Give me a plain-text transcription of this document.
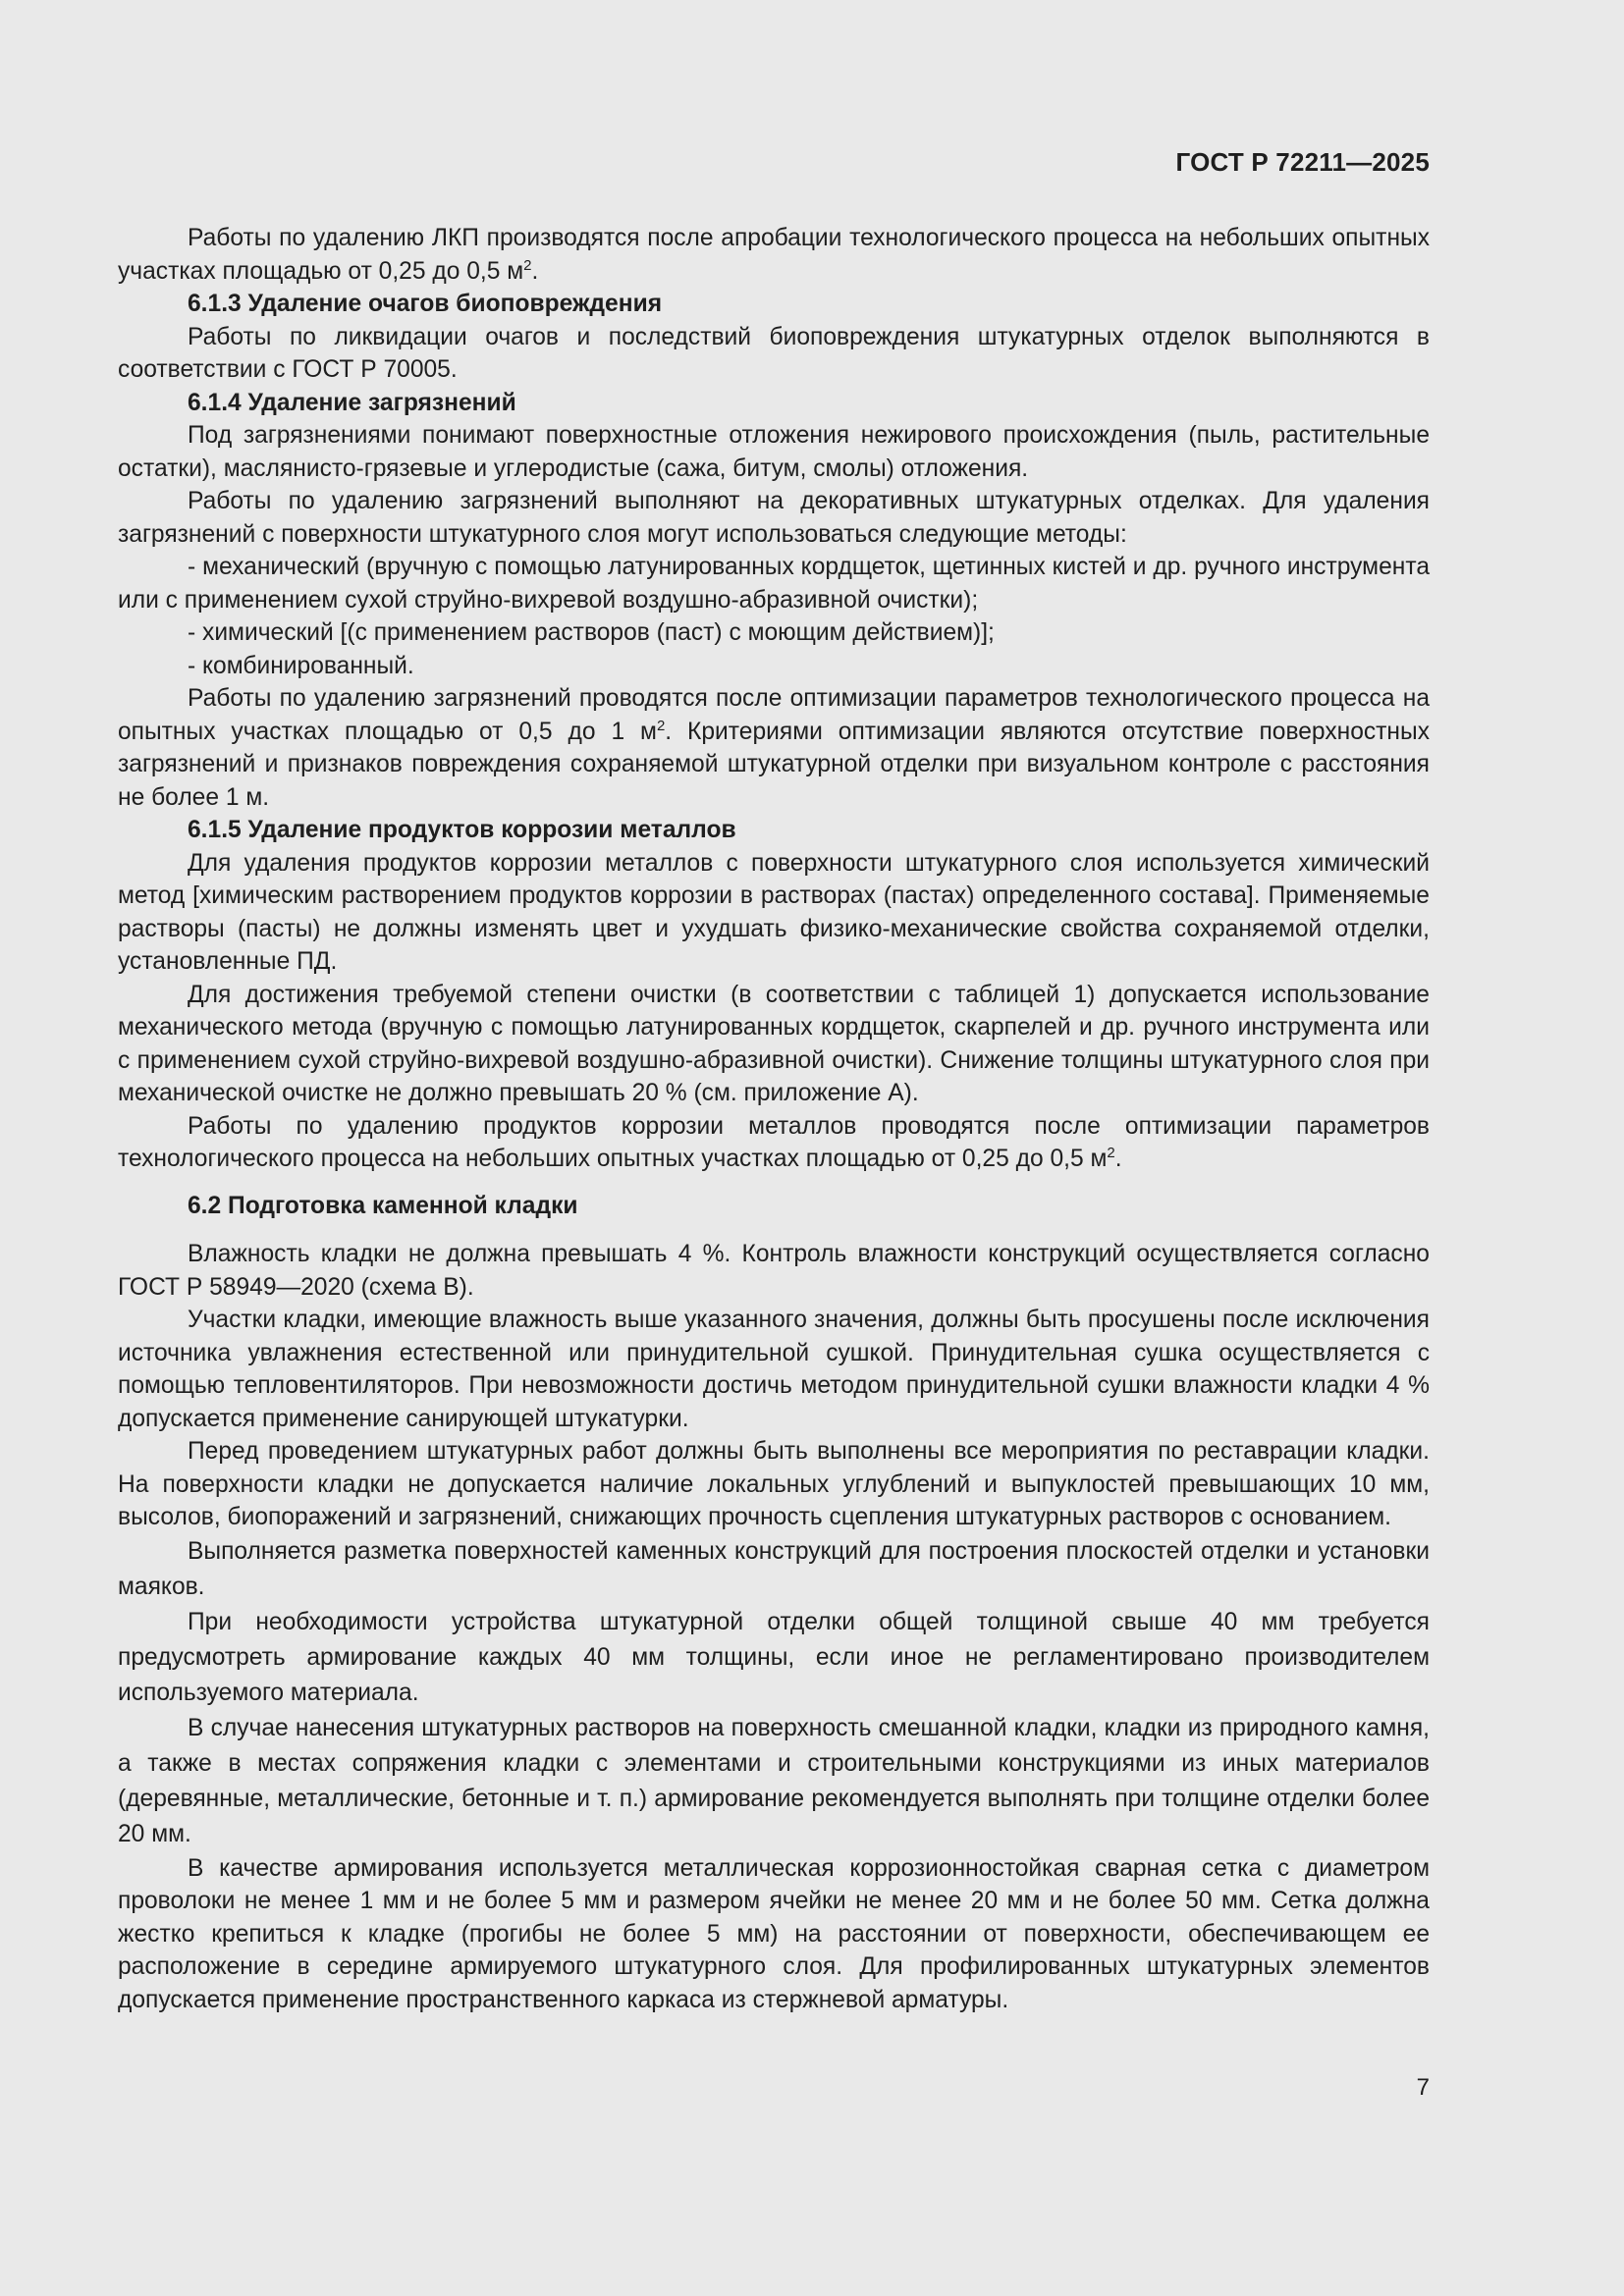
ГОСТ Р 72211—2025

Работы по удалению ЛКП производятся после апробации технологического процесса на небольших опытных участках площадью от 0,25 до 0,5 $м^2$.

6.1.3 Удаление очагов биоповреждения

Работы по ликвидации очагов и последствий биоповреждения штукатурных отделок выполняются в соответствии с ГОСТ Р 70005.

6.1.4 Удаление загрязнений

Под загрязнениями понимают поверхностные отложения нежирового происхождения (пыль, растительные остатки), маслянисто-грязевые и углеродистые (сажа, битум, смолы) отложения.

Работы по удалению загрязнений выполняют на декоративных штукатурных отделках. Для удаления загрязнений с поверхности штукатурного слоя могут использоваться следующие методы:

- механический (вручную с помощью латунированных кордщеток, щетинных кистей и др. ручного инструмента или с применением сухой струйно-вихревой воздушно-абразивной очистки);

- химический [(с применением растворов (паст) с моющим действием)];

- комбинированный.

Работы по удалению загрязнений проводятся после оптимизации параметров технологического процесса на опытных участках площадью от 0,5 до 1 $м^2$. Критериями оптимизации являются отсутствие поверхностных загрязнений и признаков повреждения сохраняемой штукатурной отделки при визуальном контроле с расстояния не более 1 м.

6.1.5 Удаление продуктов коррозии металлов

Для удаления продуктов коррозии металлов с поверхности штукатурного слоя используется химический метод [химическим растворением продуктов коррозии в растворах (пастах) определенного состава]. Применяемые растворы (пасты) не должны изменять цвет и ухудшать физико-механические свойства сохраняемой отделки, установленные ПД.

Для достижения требуемой степени очистки (в соответствии с таблицей 1) допускается использование механического метода (вручную с помощью латунированных кордщеток, скарпелей и др. ручного инструмента или с применением сухой струйно-вихревой воздушно-абразивной очистки). Снижение толщины штукатурного слоя при механической очистке не должно превышать 20 % (см. приложение А).

Работы по удалению продуктов коррозии металлов проводятся после оптимизации параметров технологического процесса на небольших опытных участках площадью от 0,25 до 0,5 $м^2$.

6.2 Подготовка каменной кладки

Влажность кладки не должна превышать 4 %. Контроль влажности конструкций осуществляется согласно ГОСТ Р 58949—2020 (схема В).

Участки кладки, имеющие влажность выше указанного значения, должны быть просушены после исключения источника увлажнения естественной или принудительной сушкой. Принудительная сушка осуществляется с помощью тепловентиляторов. При невозможности достичь методом принудительной сушки влажности кладки 4 % допускается применение санирующей штукатурки.

Перед проведением штукатурных работ должны быть выполнены все мероприятия по реставрации кладки. На поверхности кладки не допускается наличие локальных углублений и выпуклостей превышающих 10 мм, высолов, биопоражений и загрязнений, снижающих прочность сцепления штукатурных растворов с основанием.

Выполняется разметка поверхностей каменных конструкций для построения плоскостей отделки и установки маяков.

При необходимости устройства штукатурной отделки общей толщиной свыше 40 мм требуется предусмотреть армирование каждых 40 мм толщины, если иное не регламентировано производителем используемого материала.

В случае нанесения штукатурных растворов на поверхность смешанной кладки, кладки из природного камня, а также в местах сопряжения кладки с элементами и строительными конструкциями из иных материалов (деревянные, металлические, бетонные и т. п.) армирование рекомендуется выполнять при толщине отделки более 20 мм.

В качестве армирования используется металлическая коррозионностойкая сварная сетка с диаметром проволоки не менее 1 мм и не более 5 мм и размером ячейки не менее 20 мм и не более 50 мм. Сетка должна жестко крепиться к кладке (прогибы не более 5 мм) на расстоянии от поверхности, обеспечивающем ее расположение в середине армируемого штукатурного слоя. Для профилированных штукатурных элементов допускается применение пространственного каркаса из стержневой арматуры.

7
